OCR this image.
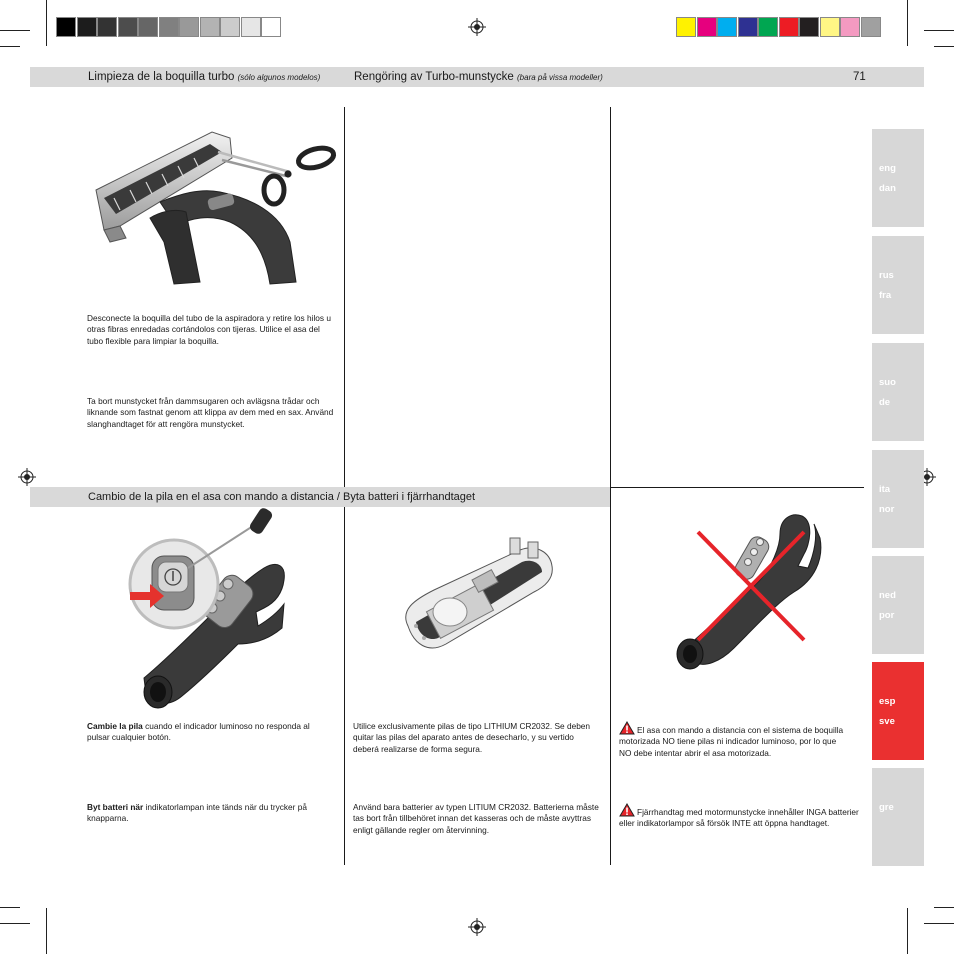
Limpieza de la boquilla turbo (sólo algunos modelos)	Rengöring av Turbo-munstycke (bara på vissa modeller)	71
Desconecte la boquilla del tubo de la aspiradora y retire los hilos u otras fibras enredadas cortándolos con tijeras. Utilice el asa del tubo flexible para limpiar la boquilla.
Ta bort munstycket från dammsugaren och avlägsna trådar och liknande som fastnat genom att klippa av dem med en sax. Använd slanghandtaget för att rengöra munstycket.
Cambio de la pila en el asa con mando a distancia / Byta batteri i fjärrhandtaget
Cambie la pila cuando el indicador luminoso no responda al pulsar cualquier botón.
Byt batteri när indikatorlampan inte tänds när du trycker på knapparna.
Utilice exclusivamente pilas de tipo LITHIUM CR2032. Se deben quitar las pilas del aparato antes de desecharlo, y su vertido deberá realizarse de forma segura.
Använd bara batterier av typen LITIUM CR2032. Batterierna måste tas bort från tillbehöret innan det kasseras och de måste avyttras enligt gällande regler om återvinning.
El asa con mando a distancia con el sistema de boquilla motorizada NO tiene pilas ni indicador luminoso, por lo que NO debe intentar abrir el asa motorizada.
Fjärrhandtag med motormunstycke innehåller INGA batterier eller indikatorlampor så försök INTE att öppna handtaget.
eng
dan
rus
fra
suo
de
ita
nor
ned
por
esp
sve
gre
